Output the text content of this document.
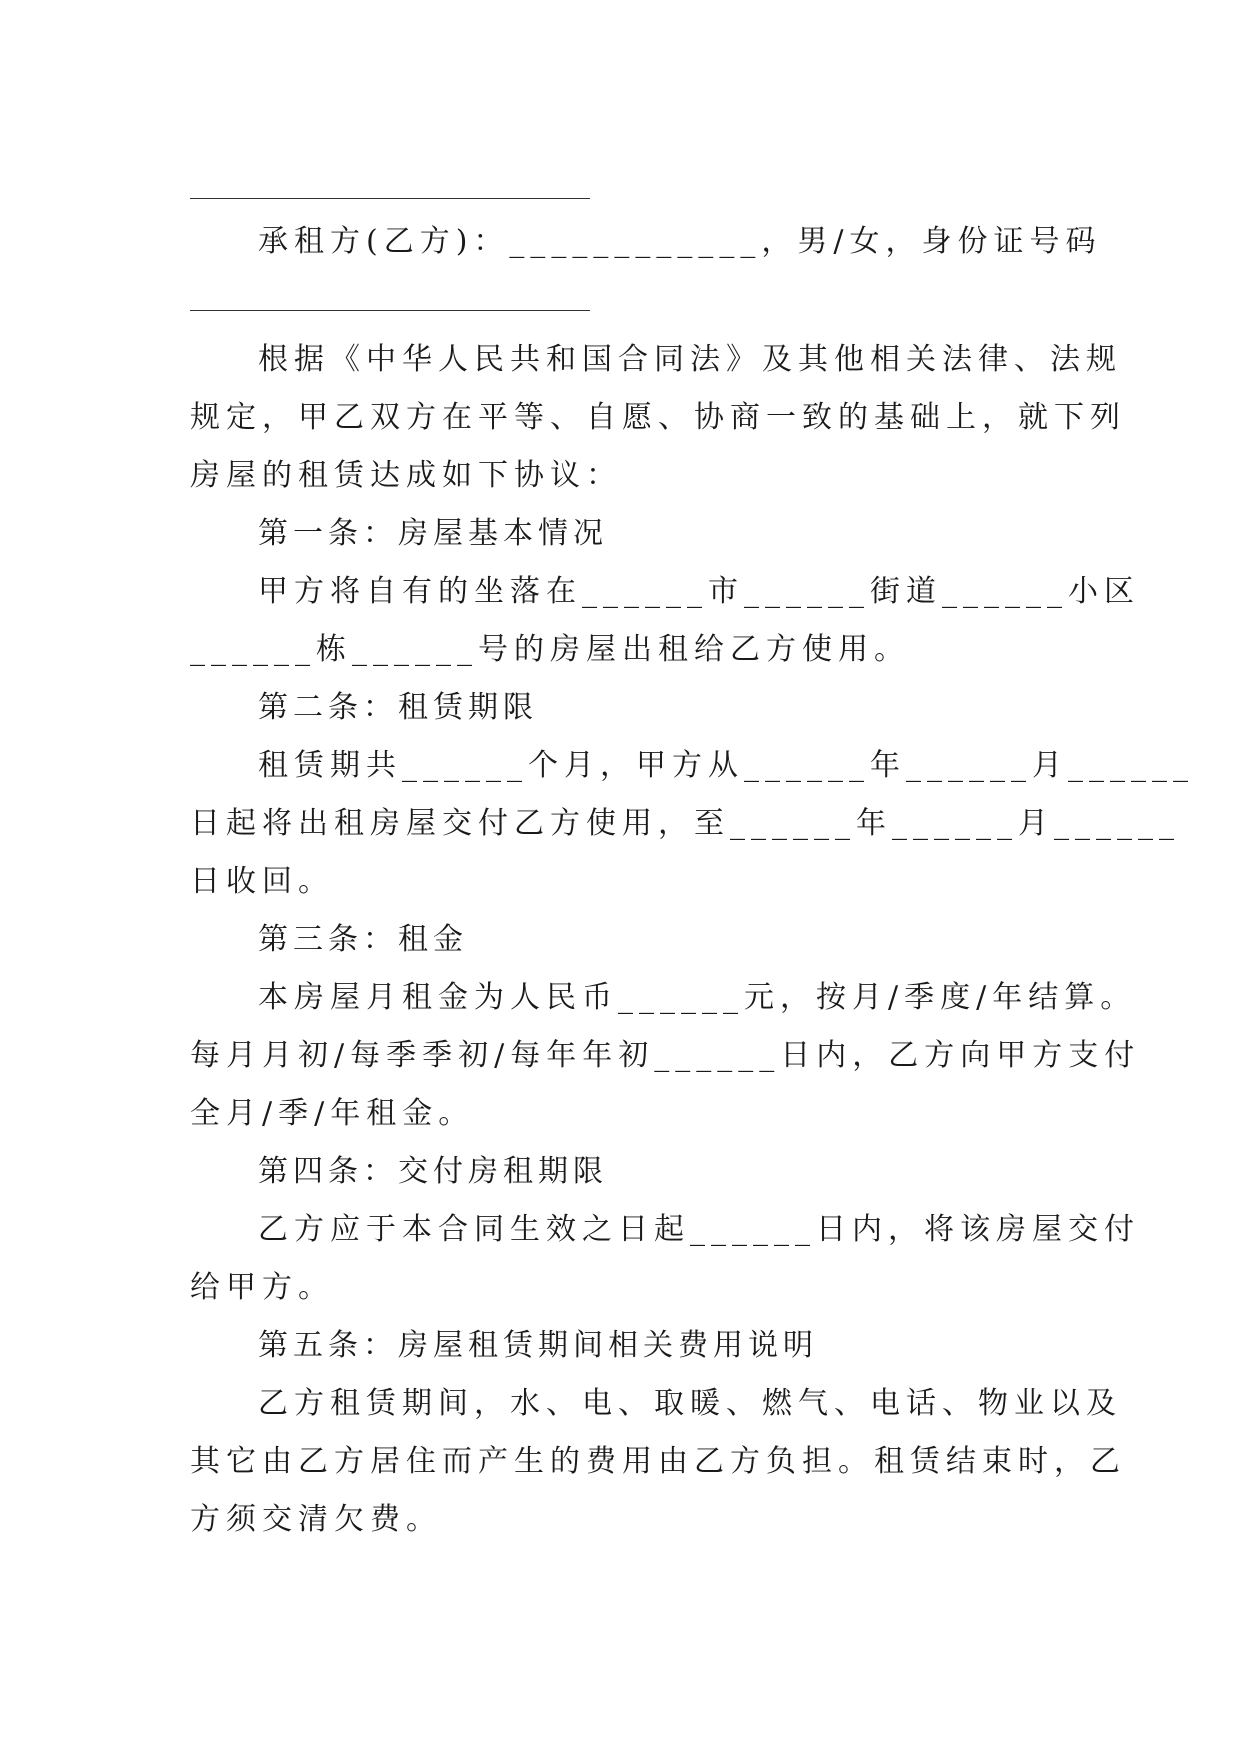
承租方(乙方)：____________，男/女，身份证号码
根据《中华人民共和国合同法》及其他相关法律、法规
规定，甲乙双方在平等、自愿、协商一致的基础上，就下列
房屋的租赁达成如下协议：
第一条：房屋基本情况
甲方将自有的坐落在______市______街道______小区
______栋______号的房屋出租给乙方使用。
第二条：租赁期限
租赁期共______个月，甲方从______年______月______
日起将出租房屋交付乙方使用，至______年______月______
日收回。
第三条：租金
本房屋月租金为人民币______元，按月/季度/年结算。
每月月初/每季季初/每年年初______日内，乙方向甲方支付
全月/季/年租金。
第四条：交付房租期限
乙方应于本合同生效之日起______日内，将该房屋交付
给甲方。
第五条：房屋租赁期间相关费用说明
乙方租赁期间，水、电、取暖、燃气、电话、物业以及
其它由乙方居住而产生的费用由乙方负担。租赁结束时，乙
方须交清欠费。
